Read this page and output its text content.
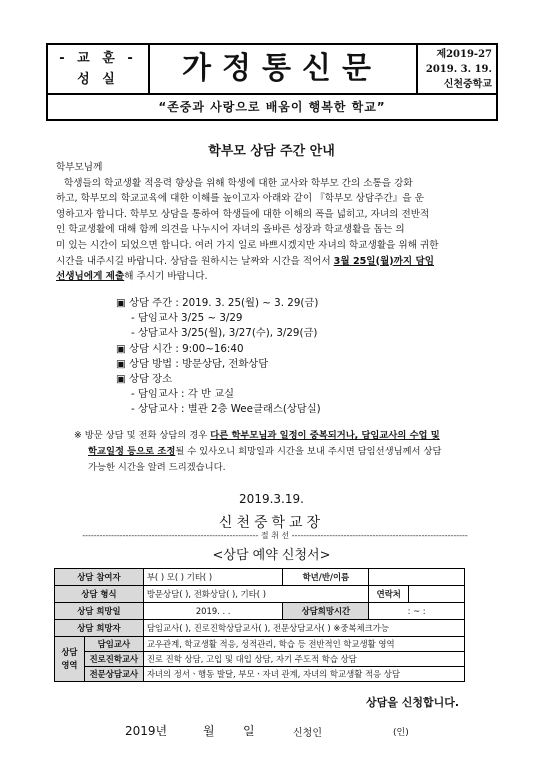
- 교 훈 -
성 실	가정통신문	제2019-27
2019. 3. 19.
신천중학교
“존중과 사랑으로 배움이 행복한 학교”
학부모 상담 주간 안내
학부모님께
학생들의 학교생활 적응력 향상을 위해 학생에 대한 교사와 학부모 간의 소통을 강화
하고, 학부모의 학교교육에 대한 이해를 높이고자 아래와 같이 『학부모 상담주간』을 운
영하고자 합니다. 학부모 상담을 통하여 학생들에 대한 이해의 폭을 넓히고, 자녀의 전반적
인 학교생활에 대해 함께 의견을 나누시어 자녀의 올바른 성장과 학교생활을 돕는 의
미 있는 시간이 되었으면 합니다. 여러 가지 일로 바쁘시겠지만 자녀의 학교생활을 위해 귀한
시간을 내주시길 바랍니다. 상담을 원하시는 날짜와 시간을 적어서 3월 25일(월)까지 담임
선생님에게 제출해 주시기 바랍니다.
▣ 상담 주간 : 2019. 3. 25(월) ~ 3. 29(금)
- 담임교사 3/25 ~ 3/29
- 상담교사 3/25(월), 3/27(수), 3/29(금)
▣ 상담 시간 : 9:00~16:40
▣ 상담 방법 : 방문상담, 전화상담
▣ 상담 장소
- 담임교사 : 각 반 교실
- 상담교사 : 별관 2층 Wee클래스(상담실)
※ 방문 상담 및 전화 상담의 경우 다른 학부모님과 일정이 중복되거나, 담임교사의 수업 및
학교일정 등으로 조정될 수 있사오니 희망일과 시간을 보내 주시면 담임선생님께서 상담
가능한 시간을 알려 드리겠습니다.
2019.3.19.
신천중학교장
------------------------------------------------------------- 절 취 선 -------------------------------------------------------------
<상담 예약 신청서>
상담 참여자		부( ) 모( ) 기타( )	학년/반/이름		
상담 형식		방문상담( ), 전화상담( ), 기타( )		연락처	
상담 희망일		2019. . .	상담희망시간	: ~ :	
상담 희망자		담임교사( ), 진로진학상담교사( ), 전문상담교사( ) ※중복체크가능			
상담
영역	담임교사	교우관계, 학교생활 적응, 성적관리, 학습 등 전반적인 학교생활 영역			
	진로진학교사	진로 진학 상담, 고입 및 대입 상담, 자기 주도적 학습 상담			
	전문상담교사	자녀의 정서ㆍ행동 발달, 부모ㆍ자녀 관계, 자녀의 학교생활 적응 상담			
상담을 신청합니다.
2019년	월 일	신청인	(인)
